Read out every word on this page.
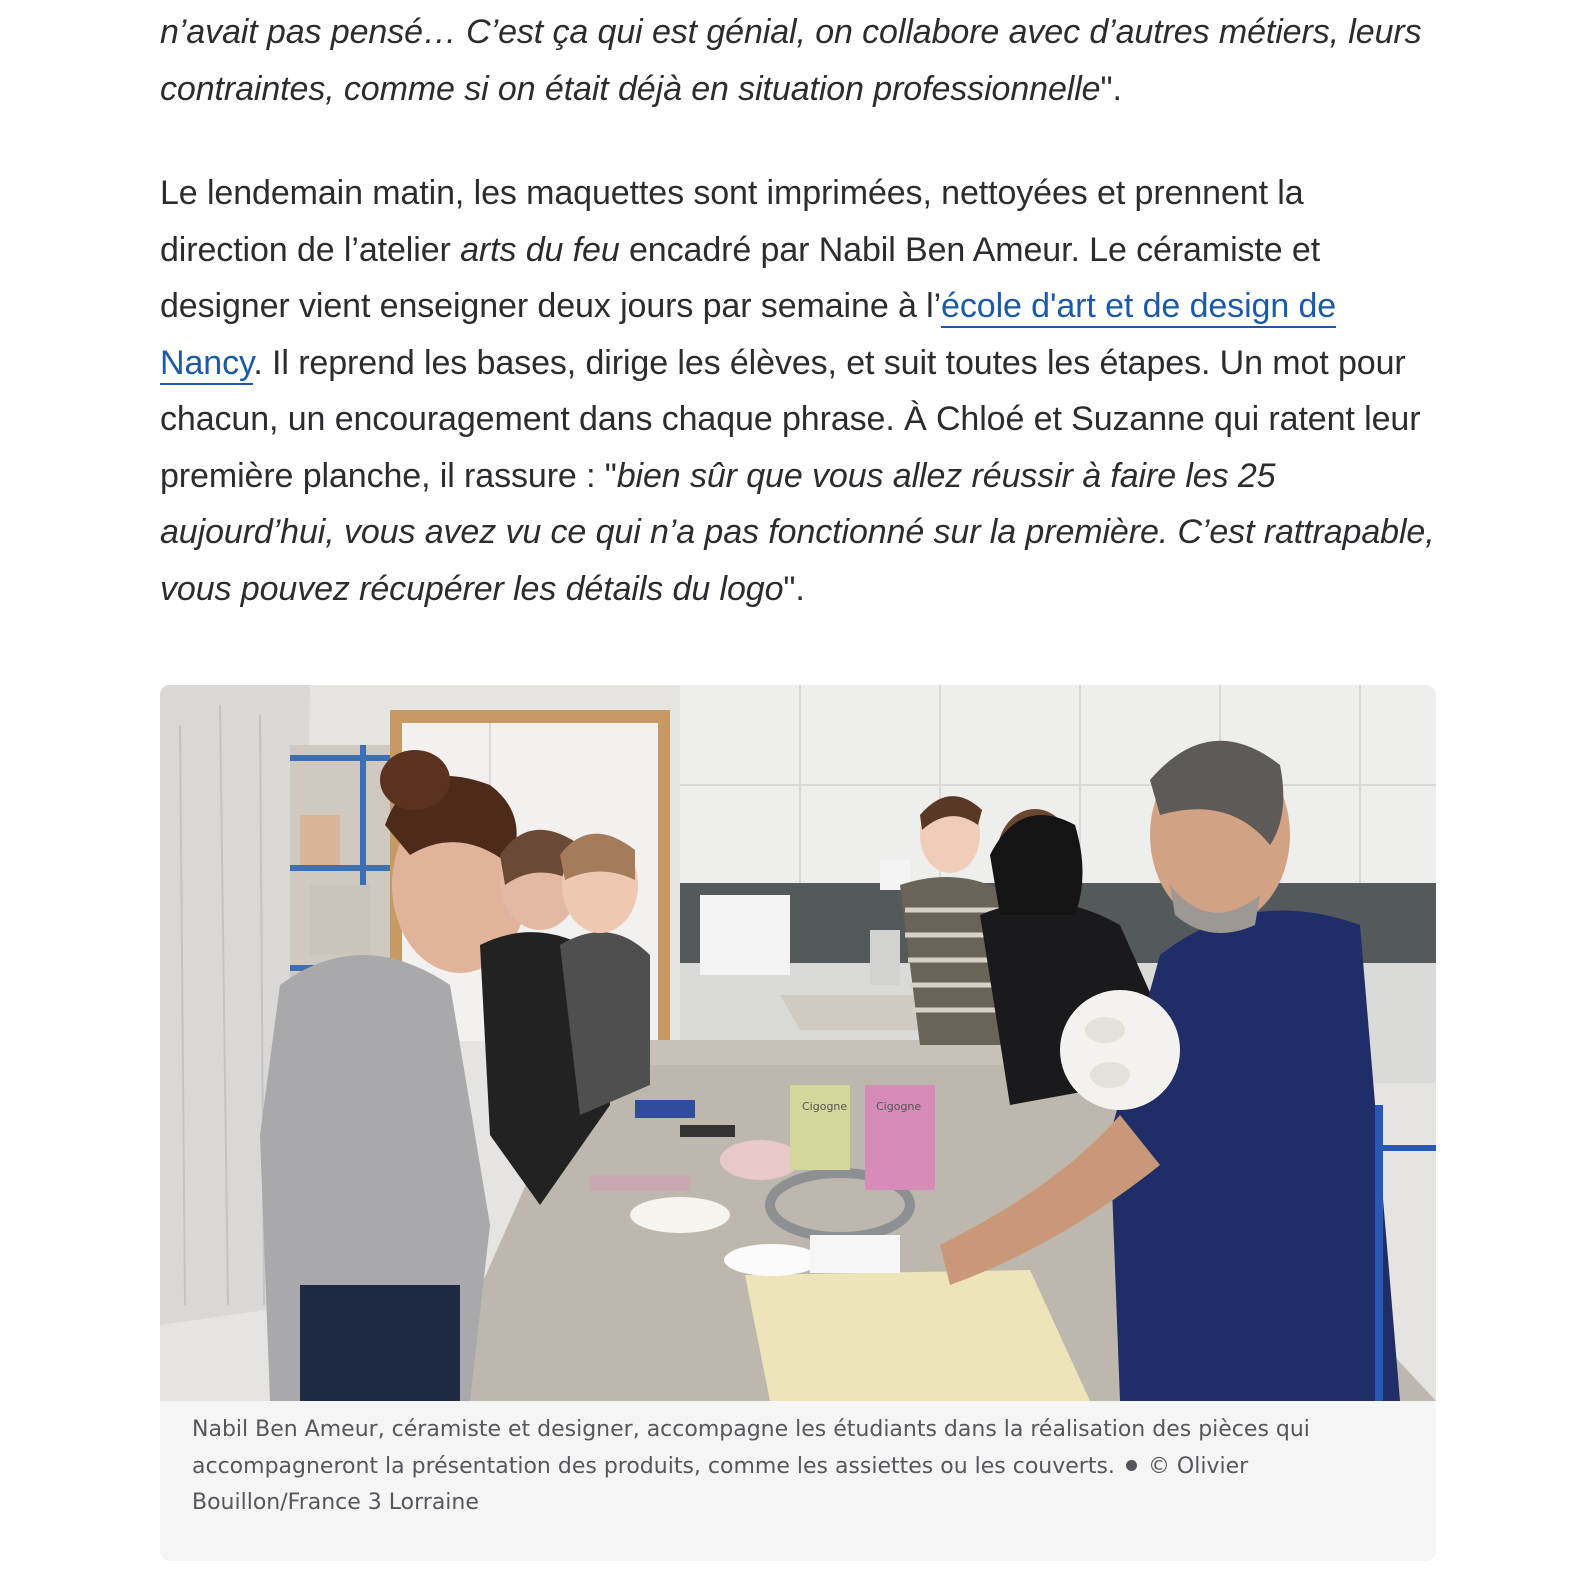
n’avait pas pensé… C’est ça qui est génial, on collabore avec d’autres métiers, leurs contraintes, comme si on était déjà en situation professionnelle".

Le lendemain matin, les maquettes sont imprimées, nettoyées et prennent la direction de l’atelier arts du feu encadré par Nabil Ben Ameur. Le céramiste et designer vient enseigner deux jours par semaine à l’école d'art et de design de Nancy. Il reprend les bases, dirige les élèves, et suit toutes les étapes. Un mot pour chacun, un encouragement dans chaque phrase. À Chloé et Suzanne qui ratent leur première planche, il rassure : "bien sûr que vous allez réussir à faire les 25 aujourd’hui, vous avez vu ce qui n’a pas fonctionné sur la première. C’est rattrapable, vous pouvez récupérer les détails du logo".

Cigogne	Cigogne

Nabil Ben Ameur, céramiste et designer, accompagne les étudiants dans la réalisation des pièces qui accompagneront la présentation des produits, comme les assiettes ou les couverts. © Olivier Bouillon/France 3 Lorraine
